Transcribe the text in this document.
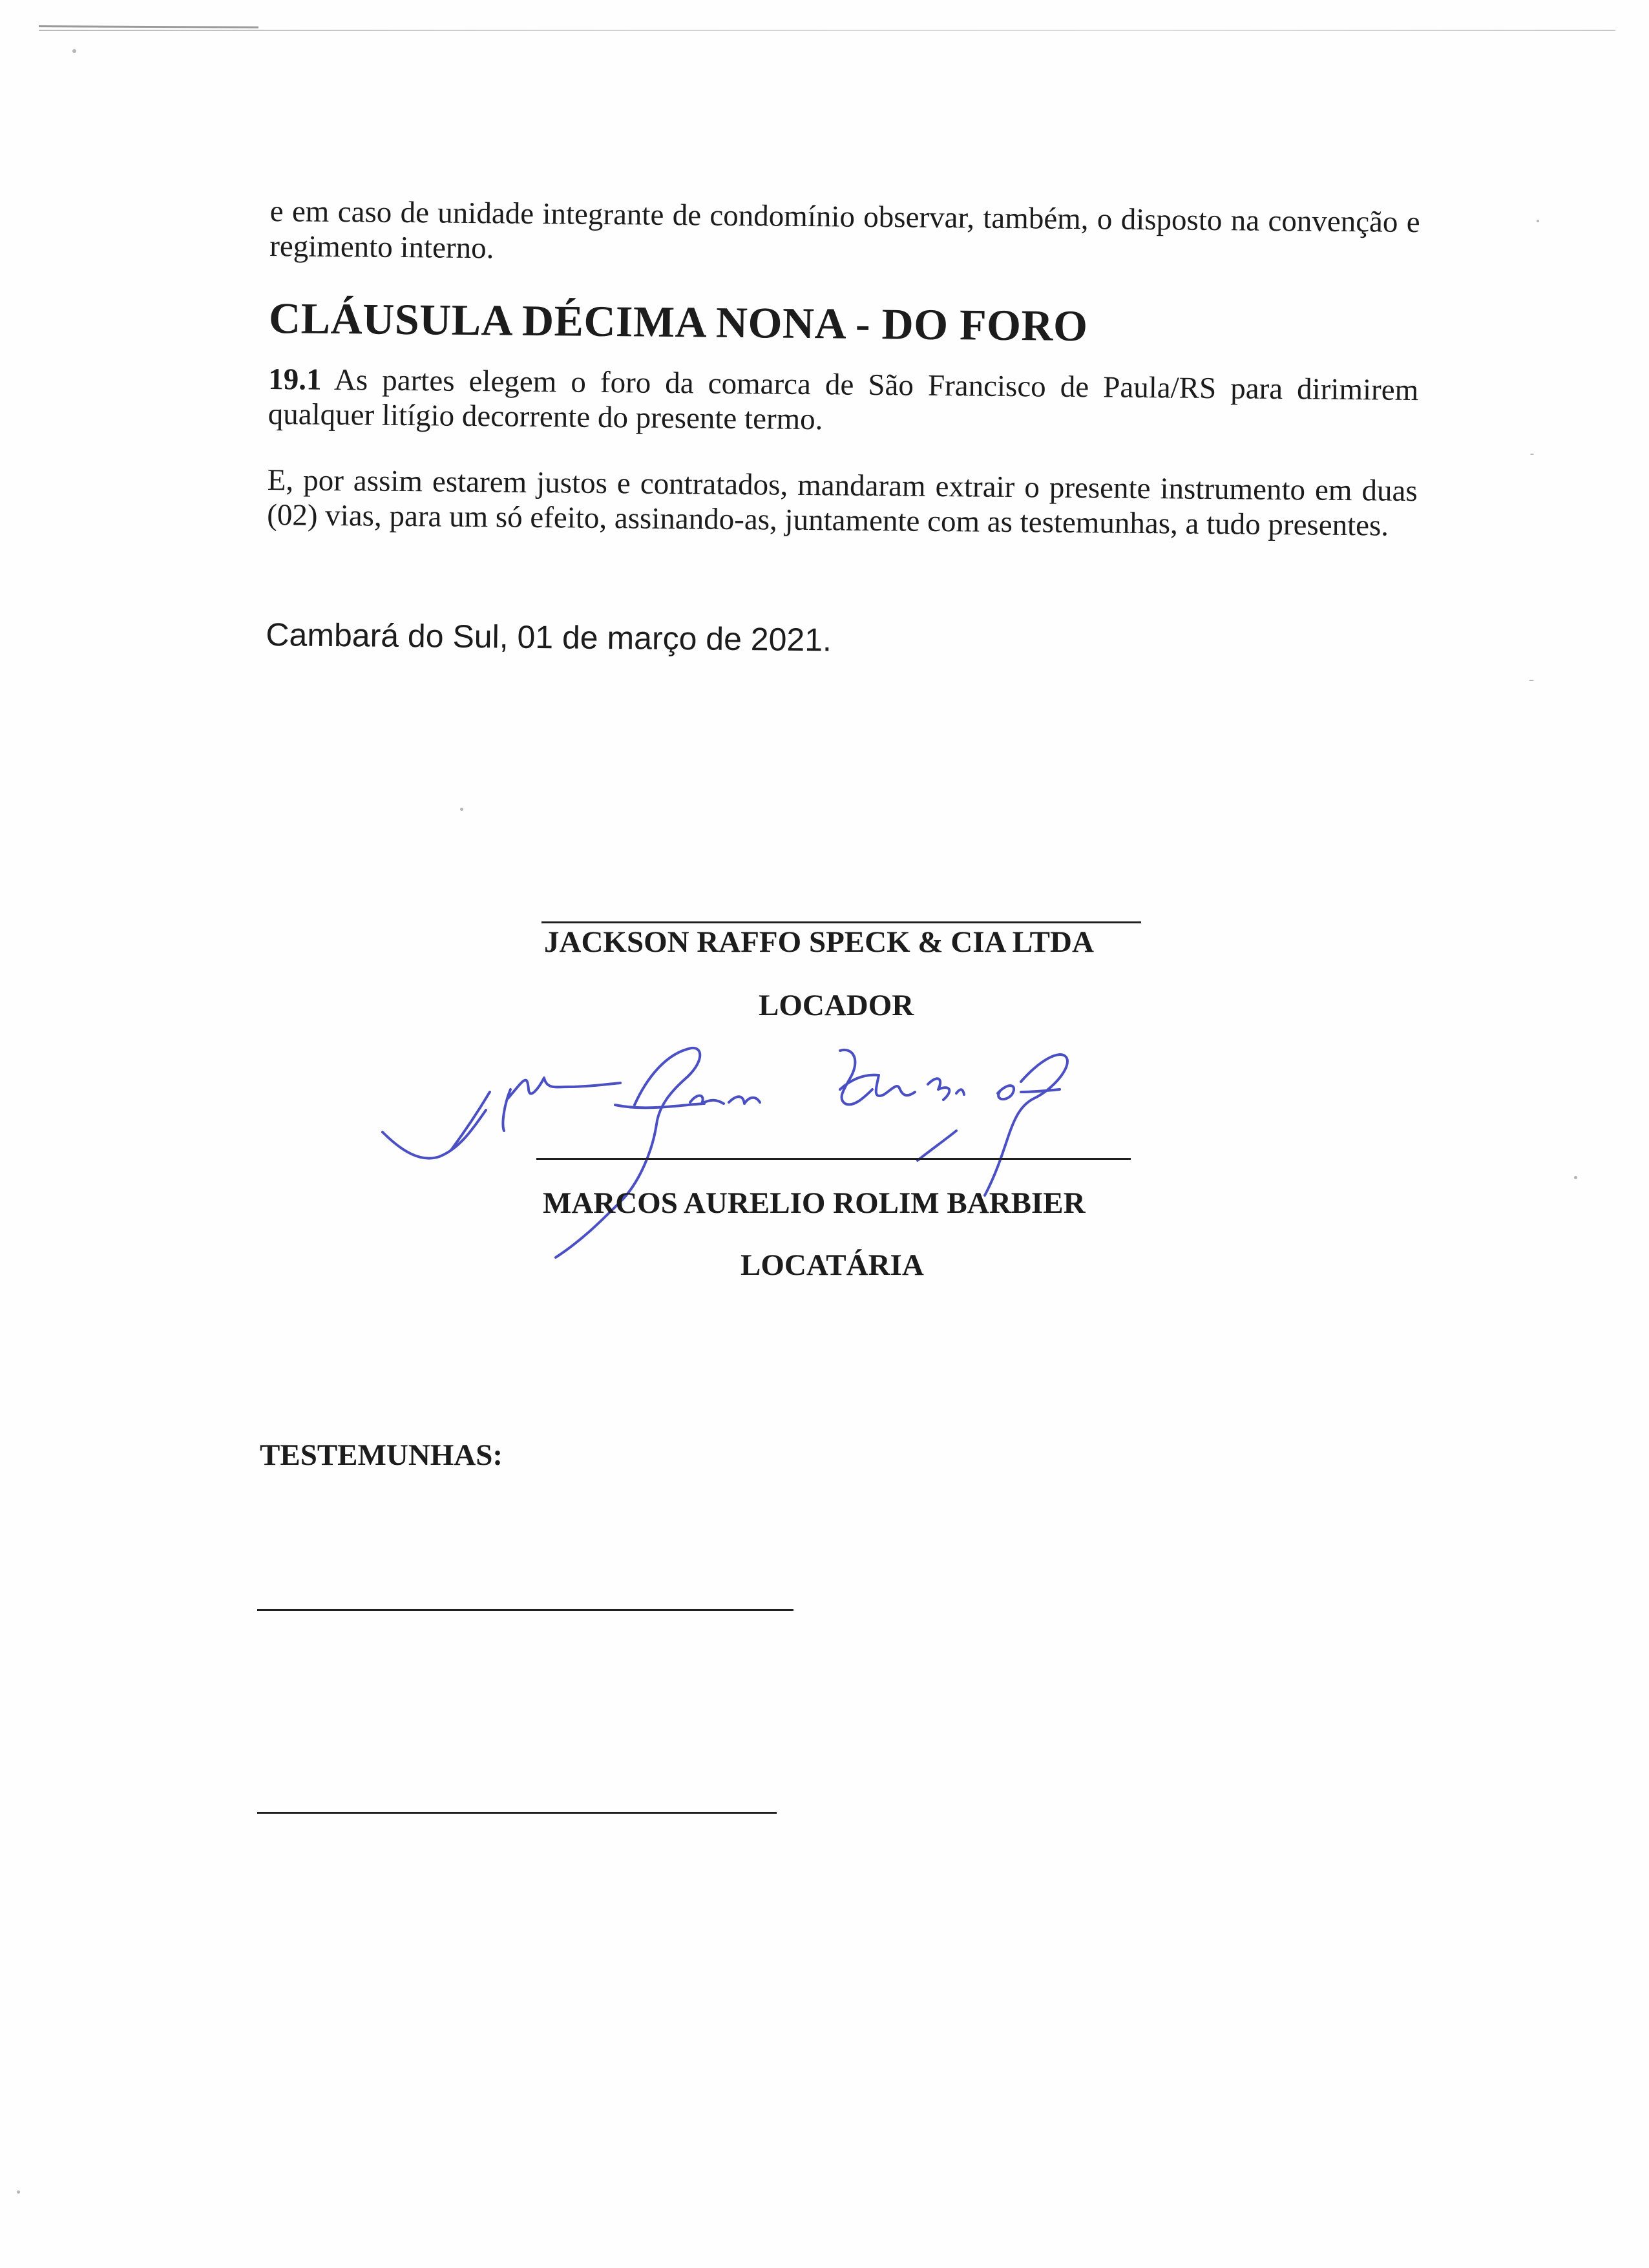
e em caso de unidade integrante de condomínio observar, também, o disposto na convenção e regimento interno.

CLÁUSULA DÉCIMA NONA - DO FORO

19.1 As partes elegem o foro da comarca de São Francisco de Paula/RS para dirimirem qualquer litígio decorrente do presente termo.

E, por assim estarem justos e contratados, mandaram extrair o presente instrumento em duas (02) vias, para um só efeito, assinando-as, juntamente com as testemunhas, a tudo presentes.

Cambará do Sul, 01 de março de 2021.
JACKSON RAFFO SPECK & CIA LTDA
LOCADOR
MARCOS AURELIO ROLIM BARBIER
LOCATÁRIA
TESTEMUNHAS:
